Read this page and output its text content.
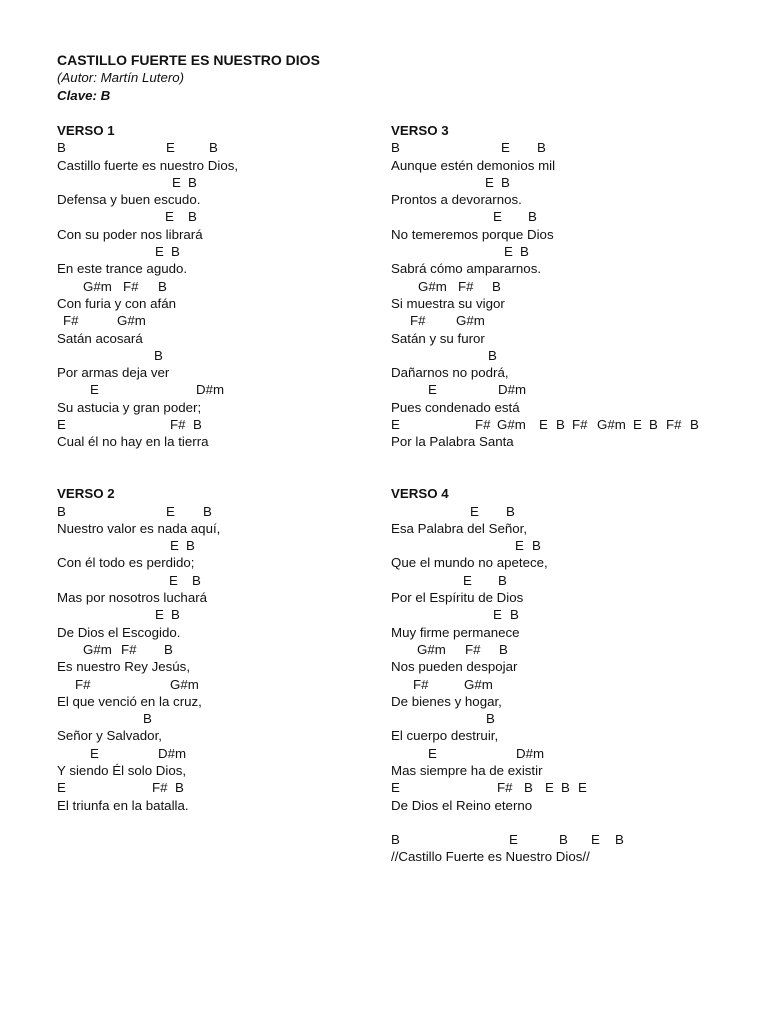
CASTILLO FUERTE ES NUESTRO DIOS
(Autor: Martín Lutero)
Clave: B
VERSO 1
B	E	B
Castillo fuerte es nuestro Dios,
E B
Defensa y buen escudo.
E B
Con su poder nos librará
E B
En este trance agudo.
G#m F# B
Con furia y con afán
F#	G#m
Satán acosará
B
Por armas deja ver
E	D#m
Su astucia y gran poder;
E	F# B
Cual él no hay en la tierra
VERSO 2
B	E B
Nuestro valor es nada aquí,
E B
Con él todo es perdido;
E B
Mas por nosotros luchará
E B
De Dios el Escogido.
G#m F# B
Es nuestro Rey Jesús,
F#	G#m
El que venció en la cruz,
B
Señor y Salvador,
E	D#m
Y siendo Él solo Dios,
E	F# B
El triunfa en la batalla.
VERSO 3
B	E B
Aunque estén demonios mil
E B
Prontos a devorarnos.
E B
No temeremos porque Dios
E B
Sabrá cómo ampararnos.
G#m F# B
Si muestra su vigor
F# G#m
Satán y su furor
B
Dañarnos no podrá,
E	D#m
Pues condenado está
E	F# G#m E B F# G#m E B F# B
Por la Palabra Santa
VERSO 4
E B
Esa Palabra del Señor,
E B
Que el mundo no apetece,
E B
Por el Espíritu de Dios
E B
Muy firme permanece
G#m F# B
Nos pueden despojar
F#	G#m
De bienes y hogar,
B
El cuerpo destruir,
E	D#m
Mas siempre ha de existir
E	F# B E B E
De Dios el Reino eterno
B	E	B E B
//Castillo Fuerte es Nuestro Dios//
